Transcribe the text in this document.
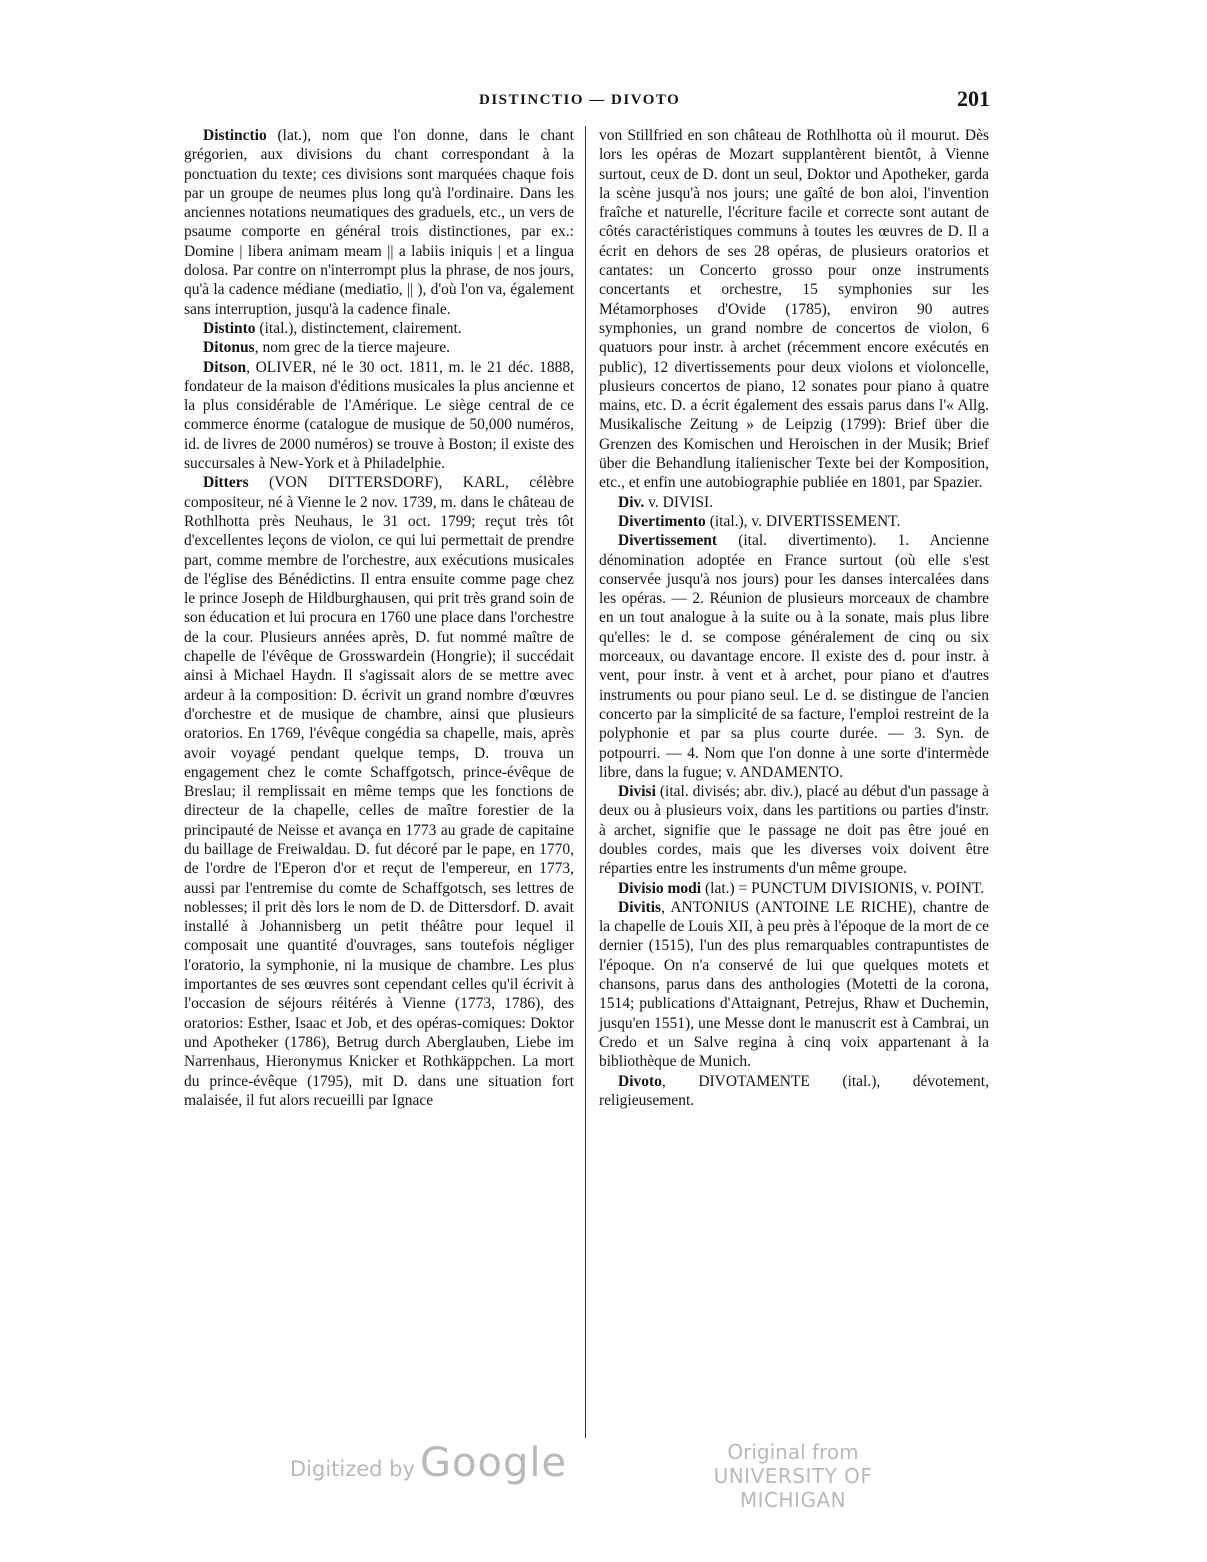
DISTINCTIO — DIVOTO	201

Distinctio (lat.), nom que l'on donne, dans le chant grégorien, aux divisions du chant correspondant à la ponctuation du texte; ces divisions sont marquées chaque fois par un groupe de neumes plus long qu'à l'ordinaire. Dans les anciennes notations neumatiques des graduels, etc., un vers de psaume comporte en général trois distinctiones, par ex.: Domine | libera animam meam || a labiis iniquis | et a lingua dolosa. Par contre on n'interrompt plus la phrase, de nos jours, qu'à la cadence médiane (mediatio, || ), d'où l'on va, également sans interruption, jusqu'à la cadence finale.

Distinto (ital.), distinctement, clairement.

Ditonus, nom grec de la tierce majeure.

Ditson, OLIVER, né le 30 oct. 1811, m. le 21 déc. 1888, fondateur de la maison d'éditions musicales la plus ancienne et la plus considérable de l'Amérique. Le siège central de ce commerce énorme (catalogue de musique de 50,000 numéros, id. de livres de 2000 numéros) se trouve à Boston; il existe des succursales à New-York et à Philadelphie.

Ditters (VON DITTERSDORF), KARL, célèbre compositeur, né à Vienne le 2 nov. 1739, m. dans le château de Rothlhotta près Neuhaus, le 31 oct. 1799; reçut très tôt d'excellentes leçons de violon, ce qui lui permettait de prendre part, comme membre de l'orchestre, aux exécutions musicales de l'église des Bénédictins. Il entra ensuite comme page chez le prince Joseph de Hildburghausen, qui prit très grand soin de son éducation et lui procura en 1760 une place dans l'orchestre de la cour. Plusieurs années après, D. fut nommé maître de chapelle de l'évêque de Grosswardein (Hongrie); il succédait ainsi à Michael Haydn. Il s'agissait alors de se mettre avec ardeur à la composition: D. écrivit un grand nombre d'œuvres d'orchestre et de musique de chambre, ainsi que plusieurs oratorios. En 1769, l'évêque congédia sa chapelle, mais, après avoir voyagé pendant quelque temps, D. trouva un engagement chez le comte Schaffgotsch, prince-évêque de Breslau; il remplissait en même temps que les fonctions de directeur de la chapelle, celles de maître forestier de la principauté de Neisse et avança en 1773 au grade de capitaine du baillage de Freiwaldau. D. fut décoré par le pape, en 1770, de l'ordre de l'Eperon d'or et reçut de l'empereur, en 1773, aussi par l'entremise du comte de Schaffgotsch, ses lettres de noblesses; il prit dès lors le nom de D. de Dittersdorf. D. avait installé à Johannisberg un petit théâtre pour lequel il composait une quantité d'ouvrages, sans toutefois négliger l'oratorio, la symphonie, ni la musique de chambre. Les plus importantes de ses œuvres sont cependant celles qu'il écrivit à l'occasion de séjours réitérés à Vienne (1773, 1786), des oratorios: Esther, Isaac et Job, et des opéras-comiques: Doktor und Apotheker (1786), Betrug durch Aberglauben, Liebe im Narrenhaus, Hieronymus Knicker et Rothkäppchen. La mort du prince-évêque (1795), mit D. dans une situation fort malaisée, il fut alors recueilli par Ignace

von Stillfried en son château de Rothlhotta où il mourut. Dès lors les opéras de Mozart supplantèrent bientôt, à Vienne surtout, ceux de D. dont un seul, Doktor und Apotheker, garda la scène jusqu'à nos jours; une gaîté de bon aloi, l'invention fraîche et naturelle, l'écriture facile et correcte sont autant de côtés caractéristiques communs à toutes les œuvres de D. Il a écrit en dehors de ses 28 opéras, de plusieurs oratorios et cantates: un Concerto grosso pour onze instruments concertants et orchestre, 15 symphonies sur les Métamorphoses d'Ovide (1785), environ 90 autres symphonies, un grand nombre de concertos de violon, 6 quatuors pour instr. à archet (récemment encore exécutés en public), 12 divertissements pour deux violons et violoncelle, plusieurs concertos de piano, 12 sonates pour piano à quatre mains, etc. D. a écrit également des essais parus dans l'« Allg. Musikalische Zeitung » de Leipzig (1799): Brief über die Grenzen des Komischen und Heroischen in der Musik; Brief über die Behandlung italienischer Texte bei der Komposition, etc., et enfin une autobiographie publiée en 1801, par Spazier.

Div. v. DIVISI.

Divertimento (ital.), v. DIVERTISSEMENT.

Divertissement (ital. divertimento). 1. Ancienne dénomination adoptée en France surtout (où elle s'est conservée jusqu'à nos jours) pour les danses intercalées dans les opéras. — 2. Réunion de plusieurs morceaux de chambre en un tout analogue à la suite ou à la sonate, mais plus libre qu'elles: le d. se compose généralement de cinq ou six morceaux, ou davantage encore. Il existe des d. pour instr. à vent, pour instr. à vent et à archet, pour piano et d'autres instruments ou pour piano seul. Le d. se distingue de l'ancien concerto par la simplicité de sa facture, l'emploi restreint de la polyphonie et par sa plus courte durée. — 3. Syn. de potpourri. — 4. Nom que l'on donne à une sorte d'intermède libre, dans la fugue; v. ANDAMENTO.

Divisi (ital. divisés; abr. div.), placé au début d'un passage à deux ou à plusieurs voix, dans les partitions ou parties d'instr. à archet, signifie que le passage ne doit pas être joué en doubles cordes, mais que les diverses voix doivent être réparties entre les instruments d'un même groupe.

Divisio modi (lat.) = PUNCTUM DIVISIONIS, v. POINT.

Divitis, ANTONIUS (ANTOINE LE RICHE), chantre de la chapelle de Louis XII, à peu près à l'époque de la mort de ce dernier (1515), l'un des plus remarquables contrapuntistes de l'époque. On n'a conservé de lui que quelques motets et chansons, parus dans des anthologies (Motetti de la corona, 1514; publications d'Attaignant, Petrejus, Rhaw et Duchemin, jusqu'en 1551), une Messe dont le manuscrit est à Cambrai, un Credo et un Salve regina à cinq voix appartenant à la bibliothèque de Munich.

Divoto, DIVOTAMENTE (ital.), dévotement, religieusement.

Digitized by Google	Original from
UNIVERSITY OF MICHIGAN
